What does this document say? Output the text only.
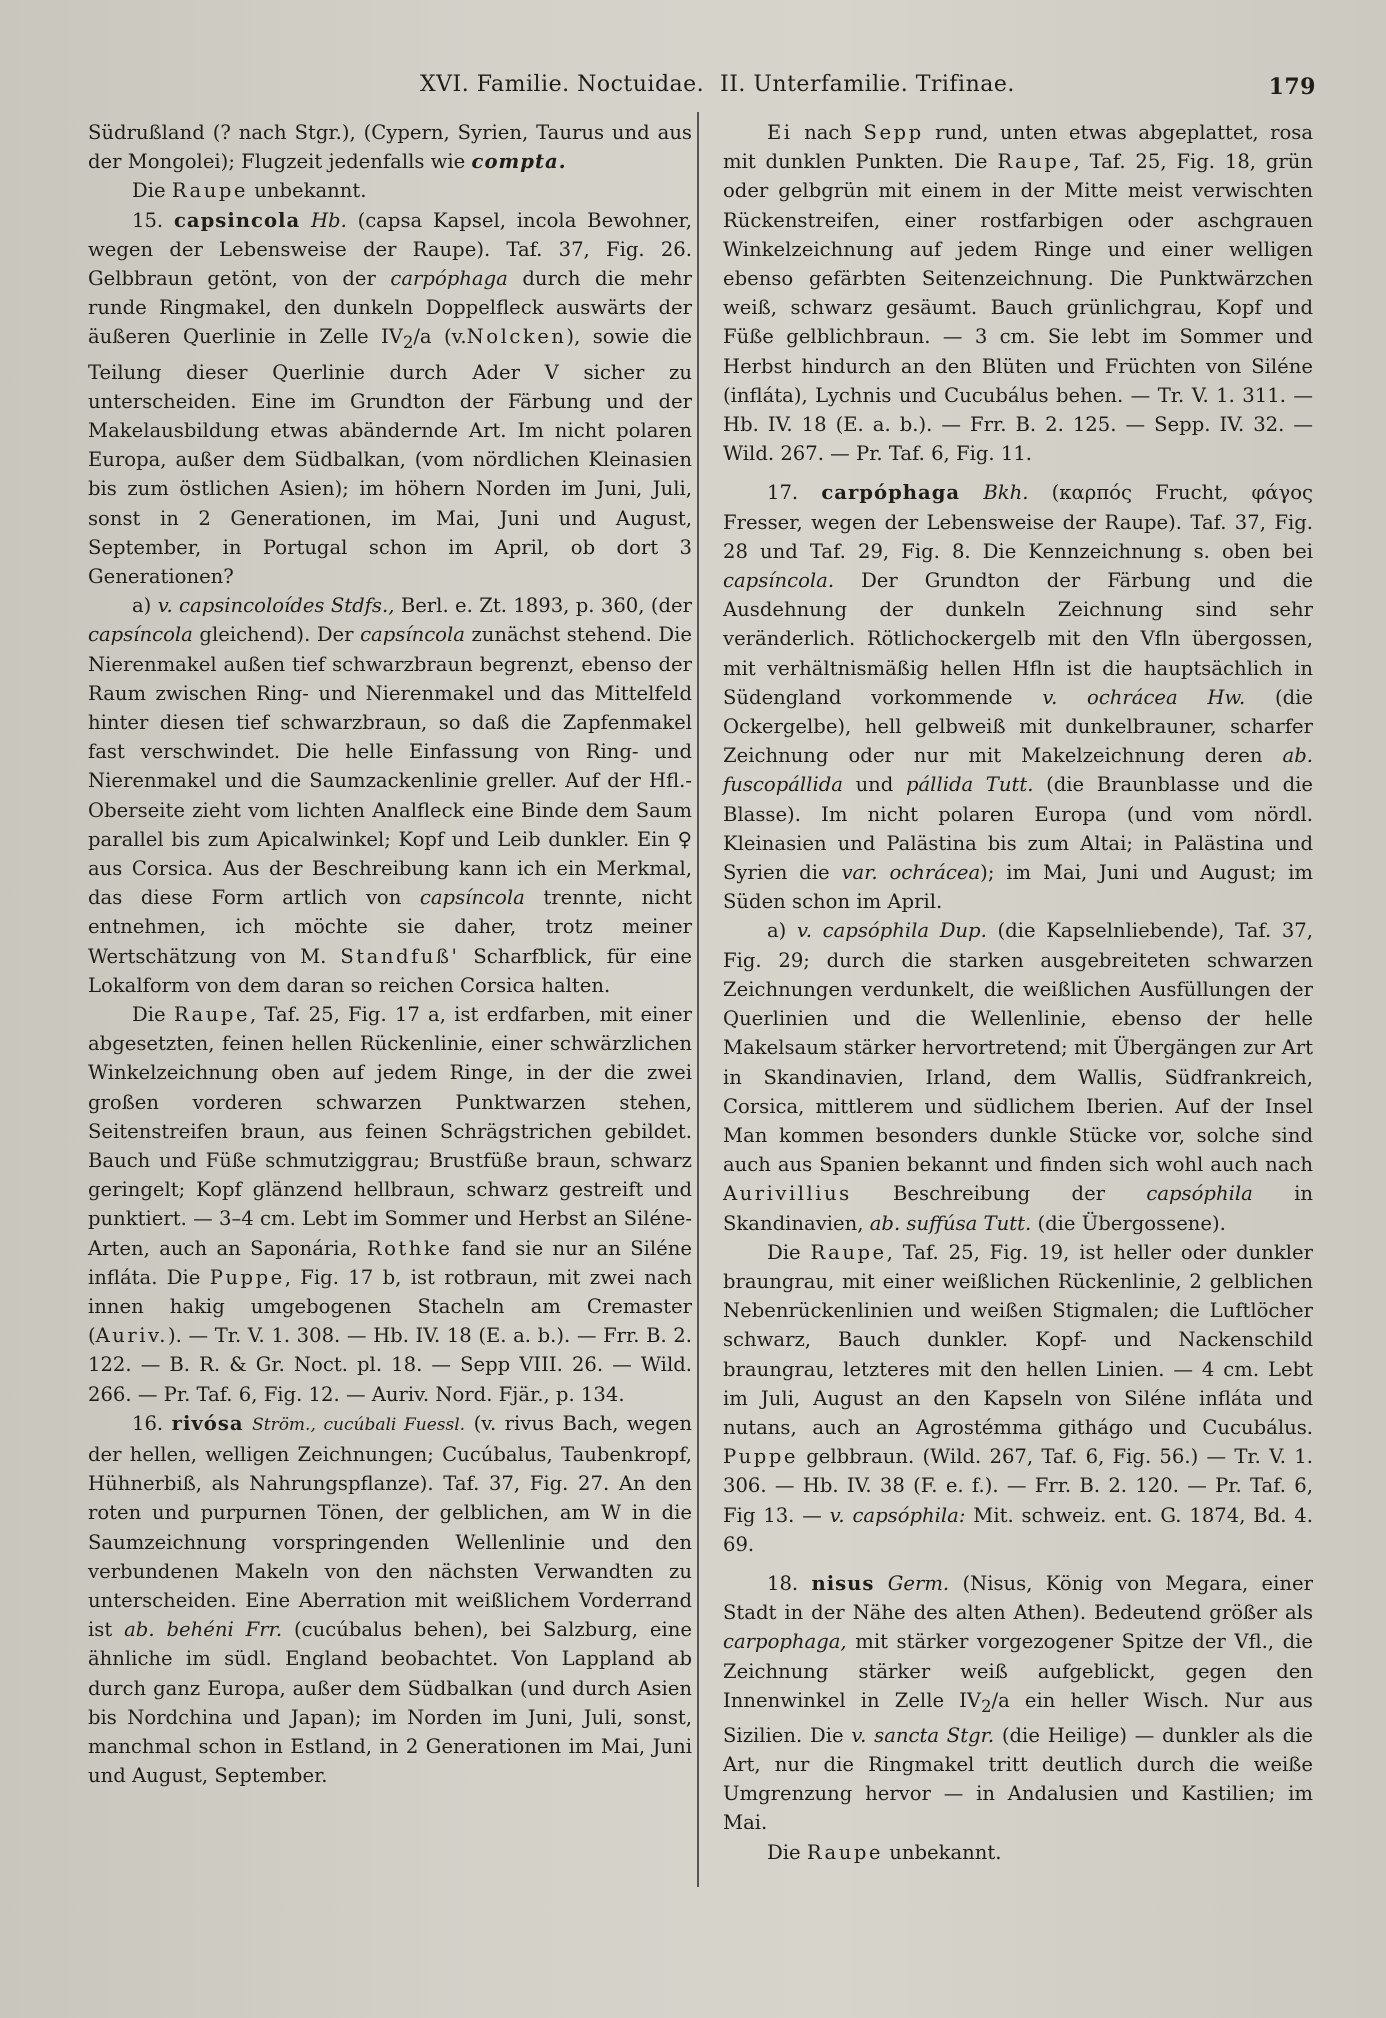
XVI. Familie. Noctuidae. II. Unterfamilie. Trifinae.	179

Südrußland (? nach Stgr.), (Cypern, Syrien, Taurus und aus der Mongolei); Flugzeit jedenfalls wie compta.

Die Raupe unbekannt.

15. capsincola Hb. (capsa Kapsel, incola Bewohner, wegen der Lebensweise der Raupe). Taf. 37, Fig. 26. Gelbbraun getönt, von der carpóphaga durch die mehr runde Ringmakel, den dunkeln Doppelfleck auswärts der äußeren Querlinie in Zelle $IV_2/a$ (v.Nolcken), sowie die Teilung dieser Querlinie durch Ader V sicher zu unterscheiden. Eine im Grundton der Färbung und der Makelausbildung etwas abändernde Art. Im nicht polaren Europa, außer dem Südbalkan, (vom nördlichen Kleinasien bis zum östlichen Asien); im höhern Norden im Juni, Juli, sonst in 2 Generationen, im Mai, Juni und August, September, in Portugal schon im April, ob dort 3 Generationen?

a) v. capsincoloídes Stdfs., Berl. e. Zt. 1893, p. 360, (der capsíncola gleichend). Der capsíncola zunächst stehend. Die Nierenmakel außen tief schwarzbraun begrenzt, ebenso der Raum zwischen Ring- und Nierenmakel und das Mittelfeld hinter diesen tief schwarzbraun, so daß die Zapfenmakel fast verschwindet. Die helle Einfassung von Ring- und Nierenmakel und die Saumzackenlinie greller. Auf der Hfl.-Oberseite zieht vom lichten Analfleck eine Binde dem Saum parallel bis zum Apicalwinkel; Kopf und Leib dunkler. Ein ♀ aus Corsica. Aus der Beschreibung kann ich ein Merkmal, das diese Form artlich von capsíncola trennte, nicht entnehmen, ich möchte sie daher, trotz meiner Wertschätzung von M. Standfuß' Scharfblick, für eine Lokalform von dem daran so reichen Corsica halten.

Die Raupe, Taf. 25, Fig. 17 a, ist erdfarben, mit einer abgesetzten, feinen hellen Rückenlinie, einer schwärzlichen Winkelzeichnung oben auf jedem Ringe, in der die zwei großen vorderen schwarzen Punktwarzen stehen, Seitenstreifen braun, aus feinen Schrägstrichen gebildet. Bauch und Füße schmutziggrau; Brustfüße braun, schwarz geringelt; Kopf glänzend hellbraun, schwarz gestreift und punktiert. — 3–4 cm. Lebt im Sommer und Herbst an Siléne-Arten, auch an Saponária, Rothke fand sie nur an Siléne infláta. Die Puppe, Fig. 17 b, ist rotbraun, mit zwei nach innen hakig umgebogenen Stacheln am Cremaster (Auriv.). — Tr. V. 1. 308. — Hb. IV. 18 (E. a. b.). — Frr. B. 2. 122. — B. R. & Gr. Noct. pl. 18. — Sepp VIII. 26. — Wild. 266. — Pr. Taf. 6, Fig. 12. — Auriv. Nord. Fjär., p. 134.

16. rivósa Ström., cucúbali Fuessl. (v. rivus Bach, wegen der hellen, welligen Zeichnungen; Cucúbalus, Taubenkropf, Hühnerbiß, als Nahrungspflanze). Taf. 37, Fig. 27. An den roten und purpurnen Tönen, der gelblichen, am W in die Saumzeichnung vorspringenden Wellenlinie und den verbundenen Makeln von den nächsten Verwandten zu unterscheiden. Eine Aberration mit weißlichem Vorderrand ist ab. behéni Frr. (cucúbalus behen), bei Salzburg, eine ähnliche im südl. England beobachtet. Von Lappland ab durch ganz Europa, außer dem Südbalkan (und durch Asien bis Nordchina und Japan); im Norden im Juni, Juli, sonst, manchmal schon in Estland, in 2 Generationen im Mai, Juni und August, September.

Ei nach Sepp rund, unten etwas abgeplattet, rosa mit dunklen Punkten. Die Raupe, Taf. 25, Fig. 18, grün oder gelbgrün mit einem in der Mitte meist verwischten Rückenstreifen, einer rostfarbigen oder aschgrauen Winkelzeichnung auf jedem Ringe und einer welligen ebenso gefärbten Seitenzeichnung. Die Punktwärzchen weiß, schwarz gesäumt. Bauch grünlichgrau, Kopf und Füße gelblichbraun. — 3 cm. Sie lebt im Sommer und Herbst hindurch an den Blüten und Früchten von Siléne (infláta), Lychnis und Cucubálus behen. — Tr. V. 1. 311. — Hb. IV. 18 (E. a. b.). — Frr. B. 2. 125. — Sepp. IV. 32. — Wild. 267. — Pr. Taf. 6, Fig. 11.

17. carpóphaga Bkh. (καρπός Frucht, φάγος Fresser, wegen der Lebensweise der Raupe). Taf. 37, Fig. 28 und Taf. 29, Fig. 8. Die Kennzeichnung s. oben bei capsíncola. Der Grundton der Färbung und die Ausdehnung der dunkeln Zeichnung sind sehr veränderlich. Rötlichockergelb mit den Vfln übergossen, mit verhältnismäßig hellen Hfln ist die hauptsächlich in Südengland vorkommende v. ochrácea Hw. (die Ockergelbe), hell gelbweiß mit dunkelbrauner, scharfer Zeichnung oder nur mit Makelzeichnung deren ab. fuscopállida und pállida Tutt. (die Braunblasse und die Blasse). Im nicht polaren Europa (und vom nördl. Kleinasien und Palästina bis zum Altai; in Palästina und Syrien die var. ochrácea); im Mai, Juni und August; im Süden schon im April.

a) v. capsóphila Dup. (die Kapselnliebende), Taf. 37, Fig. 29; durch die starken ausgebreiteten schwarzen Zeichnungen verdunkelt, die weißlichen Ausfüllungen der Querlinien und die Wellenlinie, ebenso der helle Makelsaum stärker hervortretend; mit Übergängen zur Art in Skandinavien, Irland, dem Wallis, Südfrankreich, Corsica, mittlerem und südlichem Iberien. Auf der Insel Man kommen besonders dunkle Stücke vor, solche sind auch aus Spanien bekannt und finden sich wohl auch nach Aurivillius Beschreibung der capsóphila in Skandinavien, ab. suffúsa Tutt. (die Übergossene).

Die Raupe, Taf. 25, Fig. 19, ist heller oder dunkler braungrau, mit einer weißlichen Rückenlinie, 2 gelblichen Nebenrückenlinien und weißen Stigmalen; die Luftlöcher schwarz, Bauch dunkler. Kopf- und Nackenschild braungrau, letzteres mit den hellen Linien. — 4 cm. Lebt im Juli, August an den Kapseln von Siléne infláta und nutans, auch an Agrostémma githágo und Cucubálus. Puppe gelbbraun. (Wild. 267, Taf. 6, Fig. 56.) — Tr. V. 1. 306. — Hb. IV. 38 (F. e. f.). — Frr. B. 2. 120. — Pr. Taf. 6, Fig 13. — v. capsóphila: Mit. schweiz. ent. G. 1874, Bd. 4. 69.

18. nisus Germ. (Nisus, König von Megara, einer Stadt in der Nähe des alten Athen). Bedeutend größer als carpophaga, mit stärker vorgezogener Spitze der Vfl., die Zeichnung stärker weiß aufgeblickt, gegen den Innenwinkel in Zelle $IV_2/a$ ein heller Wisch. Nur aus Sizilien. Die v. sancta Stgr. (die Heilige) — dunkler als die Art, nur die Ringmakel tritt deutlich durch die weiße Umgrenzung hervor — in Andalusien und Kastilien; im Mai.

Die Raupe unbekannt.
